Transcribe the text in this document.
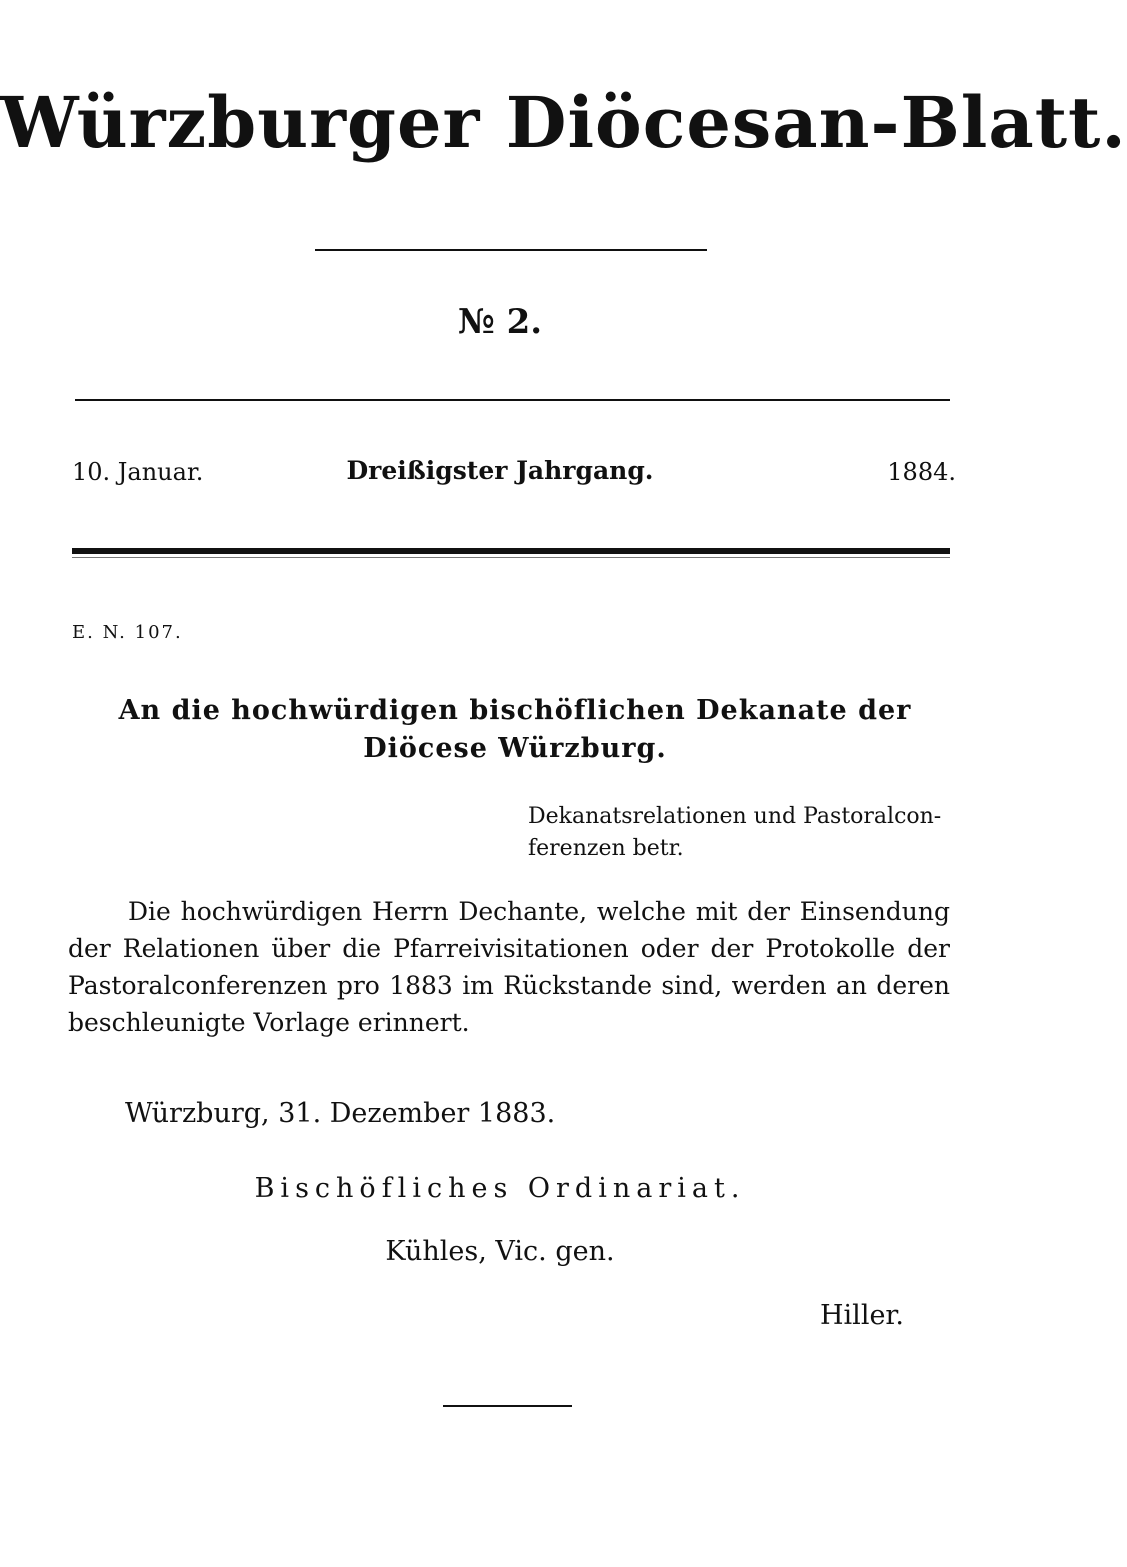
Würzburger Diöcesan-Blatt.
№ 2.
10. Januar.	Dreißigster Jahrgang.	1884.
E. N. 107.
An die hochwürdigen bischöflichen Dekanate der Diöcese Würzburg.
Dekanatsrelationen und Pastoralcon-
ferenzen betr.
Die hochwürdigen Herrn Dechante, welche mit der Einsendung der Relationen über die Pfarreivisitationen oder der Protokolle der Pastoralconferenzen pro 1883 im Rückstande sind, werden an deren beschleunigte Vorlage erinnert.
Würzburg, 31. Dezember 1883.
Bischöfliches Ordinariat.
Kühles, Vic. gen.
Hiller.
